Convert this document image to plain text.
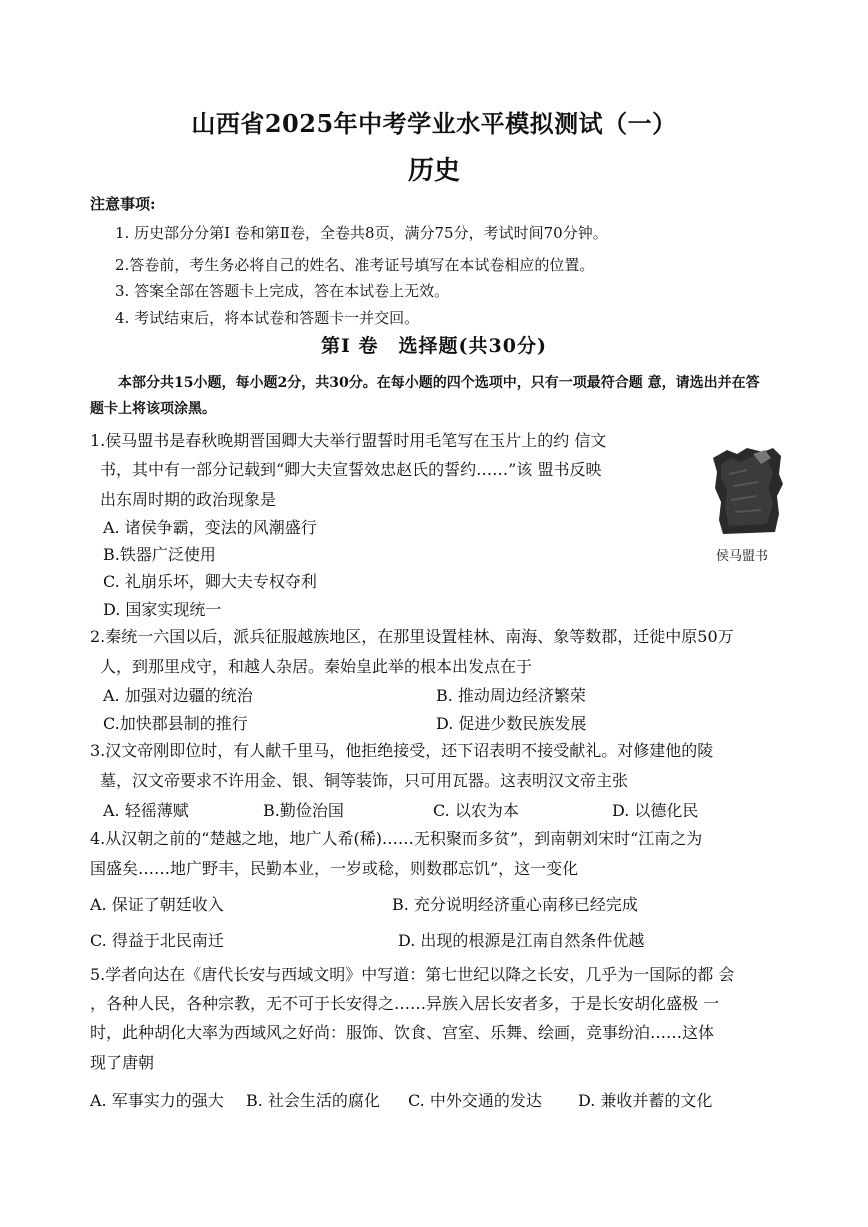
山西省2025年中考学业水平模拟测试（一）
历史
注意事项:
1. 历史部分分第I 卷和第Ⅱ卷，全卷共8页，满分75分，考试时间70分钟。
2.答卷前，考生务必将自己的姓名、准考证号填写在本试卷相应的位置。
3. 答案全部在答题卡上完成，答在本试卷上无效。
4. 考试结束后，将本试卷和答题卡一并交回。
第I 卷　选择题(共30分)
本部分共15小题，每小题2分，共30分。在每小题的四个选项中，只有一项最符合题 意，请选出并在答题卡上将该项涂黑。
1.侯马盟书是春秋晚期晋国卿大夫举行盟誓时用毛笔写在玉片上的约 信文
书，其中有一部分记载到“卿大夫宣誓效忠赵氏的誓约……”该 盟书反映
出东周时期的政治现象是
A. 诸侯争霸，变法的风潮盛行
B.铁器广泛使用
C. 礼崩乐坏，卿大夫专权夺利
D. 国家实现统一
侯马盟书
2.秦统一六国以后，派兵征服越族地区，在那里设置桂林、南海、象等数郡，迁徙中原50万
人，到那里戍守，和越人杂居。秦始皇此举的根本出发点在于
A. 加强对边疆的统治	B. 推动周边经济繁荣
C.加快郡县制的推行	D. 促进少数民族发展
3.汉文帝刚即位时，有人献千里马，他拒绝接受，还下诏表明不接受献礼。对修建他的陵
墓，汉文帝要求不许用金、银、铜等装饰，只可用瓦器。这表明汉文帝主张
A. 轻徭薄赋	B.勤俭治国	C. 以农为本	D. 以德化民
4.从汉朝之前的“楚越之地，地广人希(稀)……无积聚而多贫”，到南朝刘宋时“江南之为
国盛矣……地广野丰，民勤本业，一岁或稔，则数郡忘饥”，这一变化
A. 保证了朝廷收入	B. 充分说明经济重心南移已经完成
C. 得益于北民南迁	D. 出现的根源是江南自然条件优越
5.学者向达在《唐代长安与西域文明》中写道：第七世纪以降之长安，几乎为一国际的都 会
，各种人民，各种宗教，无不可于长安得之……异族入居长安者多，于是长安胡化盛极 一
时，此种胡化大率为西域风之好尚：服饰、饮食、宫室、乐舞、绘画，竞事纷泊……这体
现了唐朝
A. 军事实力的强大 B. 社会生活的腐化 C. 中外交通的发达 D. 兼收并蓄的文化
